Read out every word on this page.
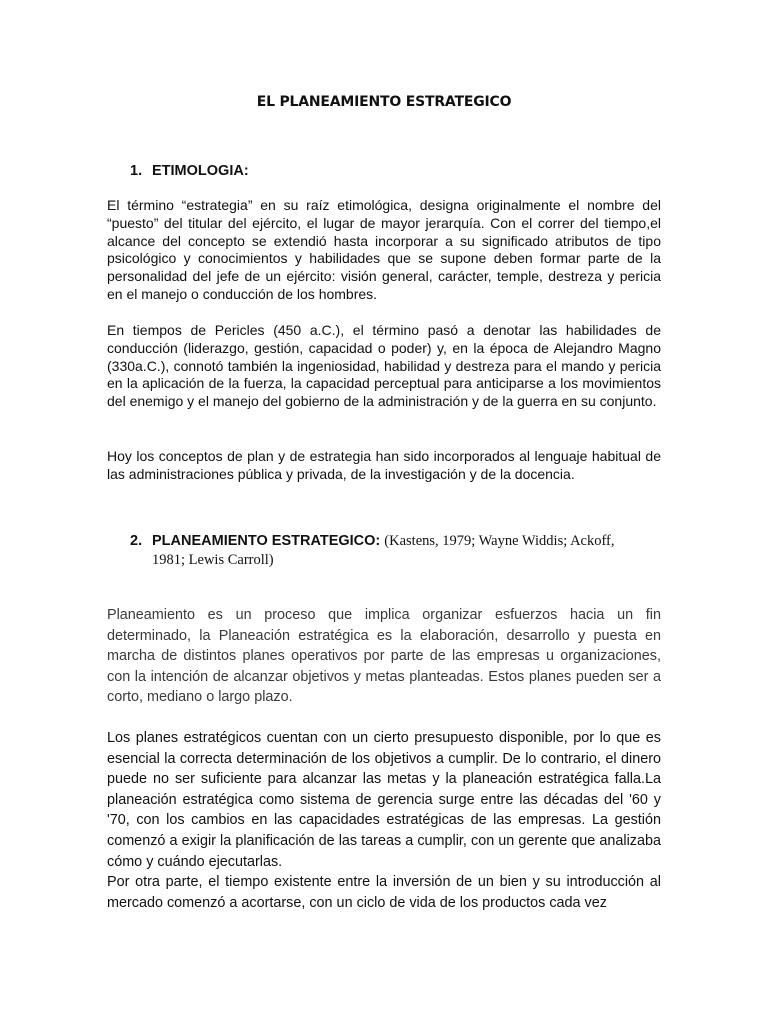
EL PLANEAMIENTO ESTRATEGICO
1. ETIMOLOGIA:
El término “estrategia” en su raíz etimológica, designa originalmente el nombre del “puesto” del titular del ejército, el lugar de mayor jerarquía. Con el correr del tiempo,el alcance del concepto se extendió hasta incorporar a su significado atributos de tipo psicológico y conocimientos y habilidades que se supone deben formar parte de la personalidad del jefe de un ejército: visión general, carácter, temple, destreza y pericia en el manejo o conducción de los hombres.
En tiempos de Pericles (450 a.C.), el término pasó a denotar las habilidades de conducción (liderazgo, gestión, capacidad o poder) y, en la época de Alejandro Magno (330a.C.), connotó también la ingeniosidad, habilidad y destreza para el mando y pericia en la aplicación de la fuerza, la capacidad perceptual para anticiparse a los movimientos del enemigo y el manejo del gobierno de la administración y de la guerra en su conjunto.
Hoy los conceptos de plan y de estrategia han sido incorporados al lenguaje habitual de las administraciones pública y privada, de la investigación y de la docencia.
2. PLANEAMIENTO ESTRATEGICO: (Kastens, 1979; Wayne Widdis; Ackoff,
1981; Lewis Carroll)
Planeamiento es un proceso que implica organizar esfuerzos hacia un fin determinado, la Planeación estratégica es la elaboración, desarrollo y puesta en marcha de distintos planes operativos por parte de las empresas u organizaciones, con la intención de alcanzar objetivos y metas planteadas. Estos planes pueden ser a corto, mediano o largo plazo.
Los planes estratégicos cuentan con un cierto presupuesto disponible, por lo que es esencial la correcta determinación de los objetivos a cumplir. De lo contrario, el dinero puede no ser suficiente para alcanzar las metas y la planeación estratégica falla.La planeación estratégica como sistema de gerencia surge entre las décadas del '60 y '70, con los cambios en las capacidades estratégicas de las empresas. La gestión comenzó a exigir la planificación de las tareas a cumplir, con un gerente que analizaba cómo y cuándo ejecutarlas.
Por otra parte, el tiempo existente entre la inversión de un bien y su introducción al mercado comenzó a acortarse, con un ciclo de vida de los productos cada vez
